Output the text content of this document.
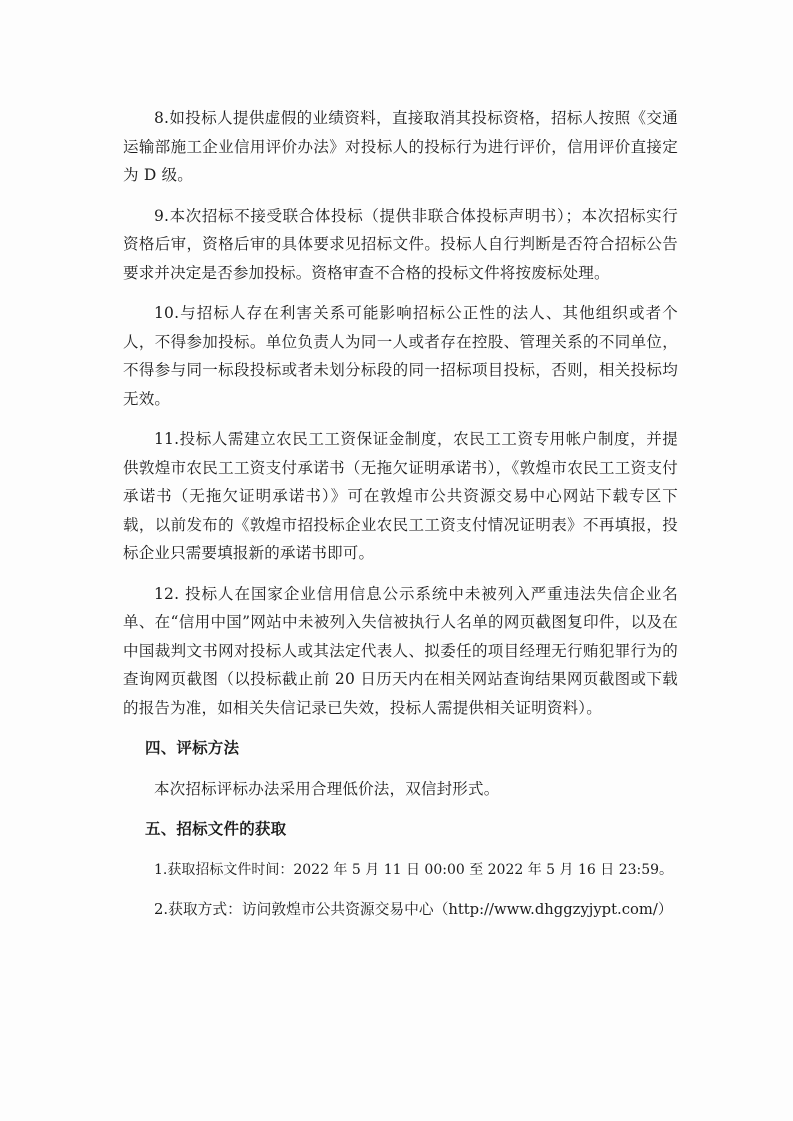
8.如投标人提供虚假的业绩资料，直接取消其投标资格，招标人按照《交通运输部施工企业信用评价办法》对投标人的投标行为进行评价，信用评价直接定为 D 级。

9.本次招标不接受联合体投标（提供非联合体投标声明书）；本次招标实行资格后审，资格后审的具体要求见招标文件。投标人自行判断是否符合招标公告要求并决定是否参加投标。资格审查不合格的投标文件将按废标处理。

10.与招标人存在利害关系可能影响招标公正性的法人、其他组织或者个人，不得参加投标。单位负责人为同一人或者存在控股、管理关系的不同单位，不得参与同一标段投标或者未划分标段的同一招标项目投标，否则，相关投标均无效。

11.投标人需建立农民工工资保证金制度，农民工工资专用帐户制度，并提供敦煌市农民工工资支付承诺书（无拖欠证明承诺书），《敦煌市农民工工资支付承诺书（无拖欠证明承诺书）》可在敦煌市公共资源交易中心网站下载专区下载，以前发布的《敦煌市招投标企业农民工工资支付情况证明表》不再填报，投标企业只需要填报新的承诺书即可。

12. 投标人在国家企业信用信息公示系统中未被列入严重违法失信企业名单、在“信用中国”网站中未被列入失信被执行人名单的网页截图复印件，以及在中国裁判文书网对投标人或其法定代表人、拟委任的项目经理无行贿犯罪行为的查询网页截图（以投标截止前 20 日历天内在相关网站查询结果网页截图或下载的报告为准，如相关失信记录已失效，投标人需提供相关证明资料）。

四、评标方法

本次招标评标办法采用合理低价法，双信封形式。

五、招标文件的获取

1.获取招标文件时间：2022 年 5 月 11 日 00:00 至 2022 年 5 月 16 日 23:59。

2.获取方式：访问敦煌市公共资源交易中心（http://www.dhggzyjypt.com/）
